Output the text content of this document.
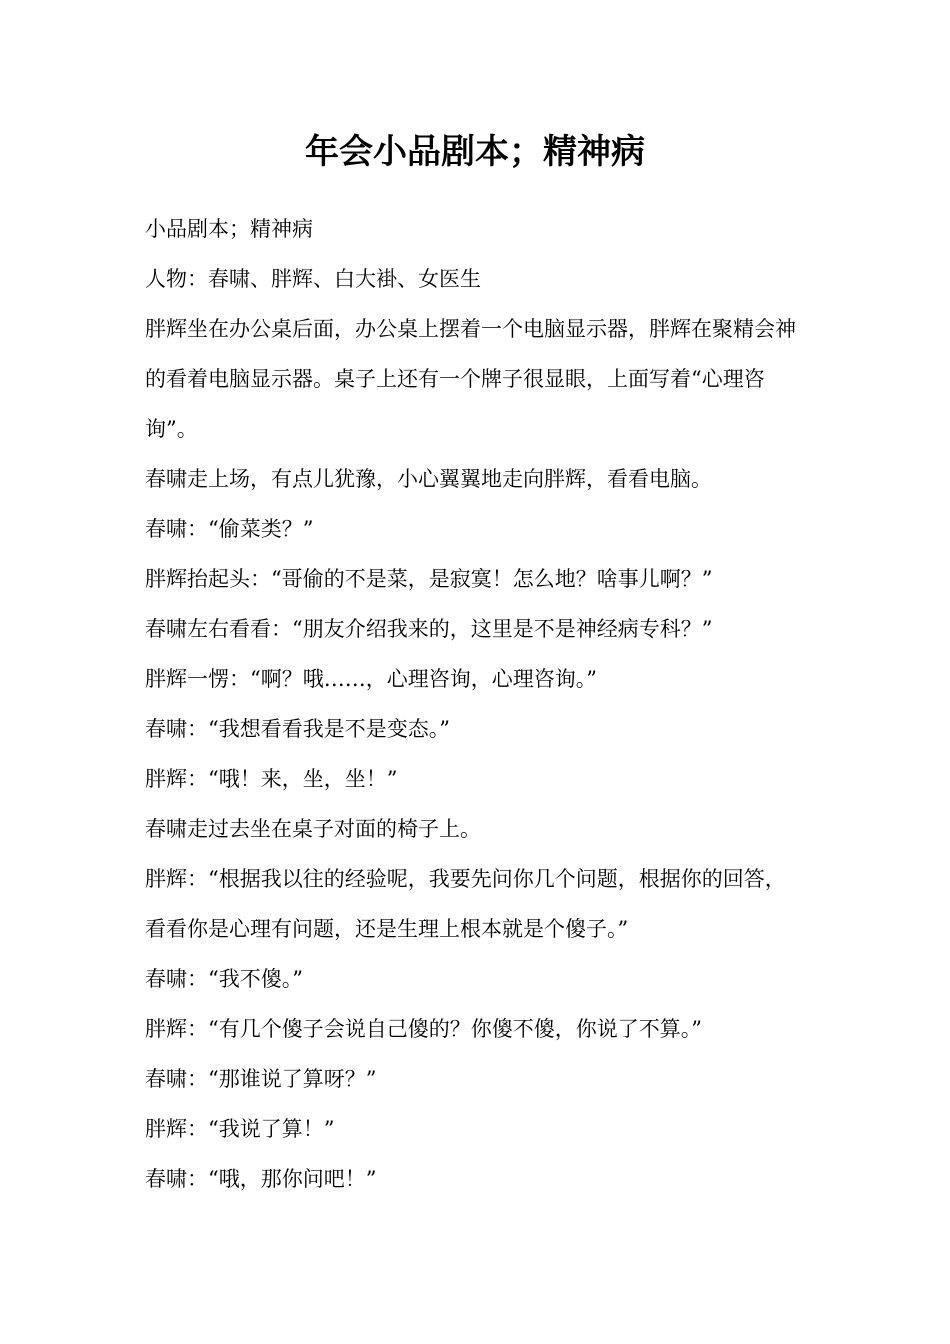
年会小品剧本；精神病

小品剧本；精神病

人物：春啸、胖辉、白大褂、女医生

胖辉坐在办公桌后面，办公桌上摆着一个电脑显示器，胖辉在聚精会神的看着电脑显示器。桌子上还有一个牌子很显眼，上面写着“心理咨询”。

春啸走上场，有点儿犹豫，小心翼翼地走向胖辉，看看电脑。

春啸：“偷菜类？”

胖辉抬起头：“哥偷的不是菜，是寂寞！怎么地？啥事儿啊？”

春啸左右看看：“朋友介绍我来的，这里是不是神经病专科？”

胖辉一愣：“啊？哦……，心理咨询，心理咨询。”

春啸：“我想看看我是不是变态。”

胖辉：“哦！来，坐，坐！”

春啸走过去坐在桌子对面的椅子上。

胖辉：“根据我以往的经验呢，我要先问你几个问题，根据你的回答，看看你是心理有问题，还是生理上根本就是个傻子。”

春啸：“我不傻。”

胖辉：“有几个傻子会说自己傻的？你傻不傻，你说了不算。”

春啸：“那谁说了算呀？”

胖辉：“我说了算！”

春啸：“哦，那你问吧！”
